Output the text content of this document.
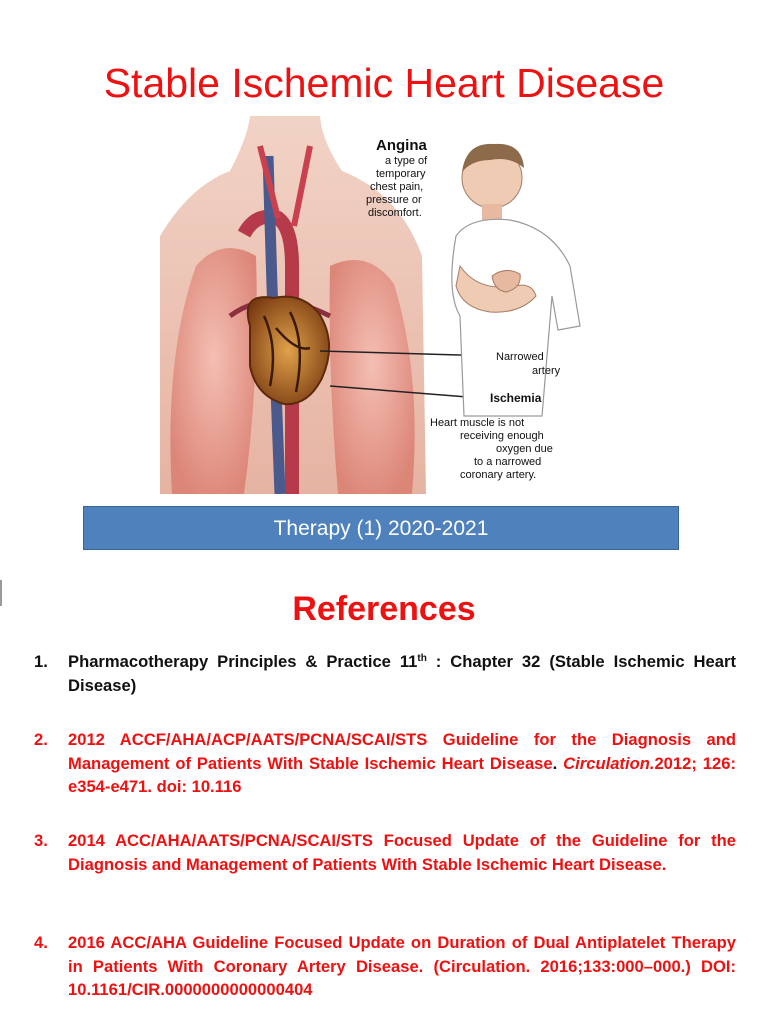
Stable Ischemic Heart Disease
Angina
a type of
temporary
chest pain,
pressure or
discomfort.
Narrowed
artery
Ischemia
Heart muscle is not
receiving enough
oxygen due
to a narrowed
coronary artery.
Therapy (1) 2020-2021
References
1. Pharmacotherapy Principles & Practice 11th : Chapter 32 (Stable Ischemic Heart Disease)
2. 2012 ACCF/AHA/ACP/AATS/PCNA/SCAI/STS Guideline for the Diagnosis and Management of Patients With Stable Ischemic Heart Disease. Circulation.2012; 126: e354-e471. doi: 10.116
3. 2014 ACC/AHA/AATS/PCNA/SCAI/STS Focused Update of the Guideline for the Diagnosis and Management of Patients With Stable Ischemic Heart Disease.
4. 2016 ACC/AHA Guideline Focused Update on Duration of Dual Antiplatelet Therapy in Patients With Coronary Artery Disease. (Circulation. 2016;133:000–000.) DOI: 10.1161/CIR.0000000000000404
